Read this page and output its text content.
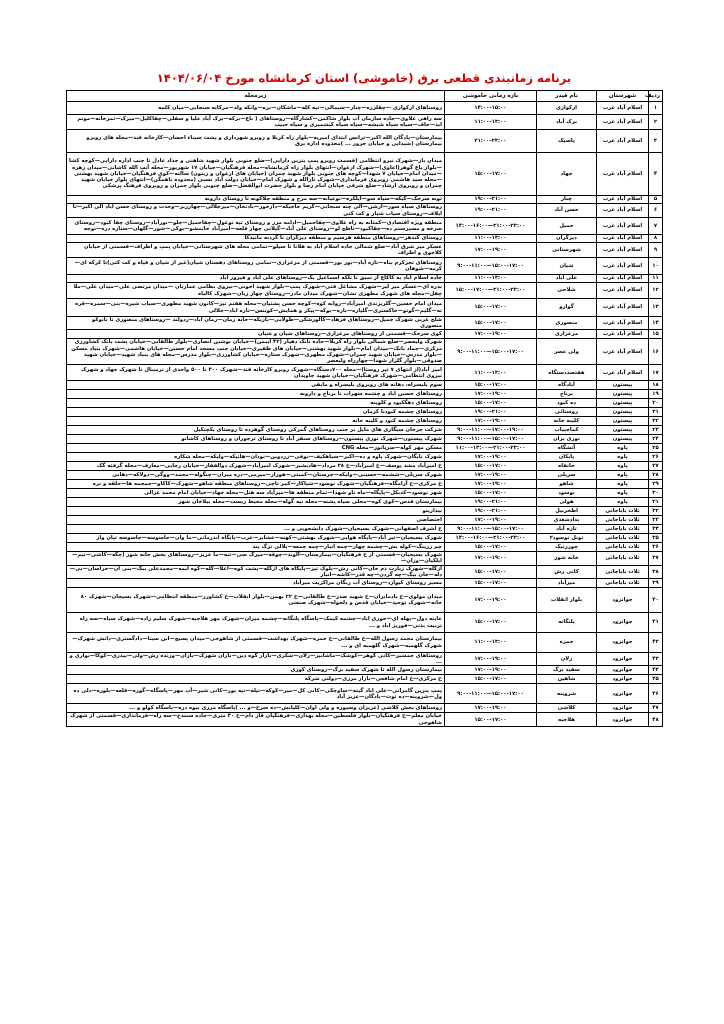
برنامه زمانبندی قطعی برق (خاموشی) استان کرمانشاه مورخ ۱۴۰۴/۰۶/۰۴
ردیف	شهرستان	نام فیدر	بازه زمانی خاموشی	زیرمجله
۱	اسلام آباد غرب	ارکوازی	۱۴:۰۰-۱۵:۰۰	روستاهای ارکوازی —چقلرزه—چنار—سیمالی—تپه کله—ماشکان—بزه—وانکه ولد—مرکانه سنجابی—میان کلمه
۲	اسلام آباد غرب	برک آباد	۱۱:۰۰-۱۳:۰۰	سه راهی علاوی—جاده سازمان آب بلوار شاکمن—کشارگاه—روستاهای ( باغ—برکه—برک آباد علیا و سفلی—چقاکلیل—میرک—ثمرخانه—موتم اید—جاف—سیاه سیاه شیشه—سیاه سیاه کیشمیری و سیاه حبیب
۳	اسلام آباد غرب	یاسیک	۲۱:۰۰-۲۳:۰۰	بیمارستان—پادگان الله اکبر—ترانس ابتدای امیریه—بلوار راه کربلا و روبرو شهرداری و پشت سیناء احسان—کارخانه قند—محله های روبرو بیمارستان (شیدایی و خیابان حرور ... )محدوده اداره برق
۴	اسلام آباد غرب	جهاد	۱۵:۰۰-۱۷:۰۰	میدان باز—شهرک نیرو انتظامی (قسمت روبرو پمپ بنزین دارایی)—ضلع جنوبی بلوار شهید شاهنی و حداد عادل تا جنب اداره دارایی—کوچه کشا—بلوار باغ گوهر(اعاوی)—شهرک ارغوان—انتهای بلوار راه کرمانشاه—محله فرهنگیان—خیابان ۱۷ شهریور—محله آیت الله کاشانی—میدان زهره—میدان امام—خیابان ۷ شهدا—کوچه های جنوبی بلوار شهید چمران (خیابان های ارغوان و زیتون) سالنه—کوی فرهنگیان—خیابان شهید بهشتی—محله سید هاشمی روبروی فرمانداری—شهرک ثارالله و شهرک امام—خیابان دولت آباد نسبی (محدوده ناهمگن)—انتهای بلوار خیابان شهید چمران و روبروی ارشاد—ضلع شرقی خیابان امام رضا و بلوار حضرت ابوالفضل—ضلع جنوبی بلوار جمران و روبروی فرهنگ پرشکی
۵	اسلام آباد غرب	چنار	۱۹:۰۰-۲۱:۰۰	تونه سرخک—گیکه—سیاه سو—ایلکره—نوعیانه—سه مرج و منطقه چلاکونه تا روستای دارونه
۶	اسلام آباد غرب	حسن آباد	۱۹:۰۰-۲۱:۰۰	روستاهای سیاه سور—ارشن—آلی چنه سنجابی—گریم حاجیکه—دارخور—بادنحان—میرجلالی—چهارزبر—وحدت و روستای حسن آباد آلی اکبر—تا ایلاف—روستای سیاب شیار و کت کتی
۷	اسلام آباد غرب	حمیل	۱۴:۰۰-۱۶:۰۰—۲۱:۰۰-۲۳:۰۰	منطقه ویژه اقتصادی—کمتانه به راه علاوی—چقاحمیل—ادامه مرز و روستای تپه نوغول—چقاحمیل—جلو—نورآباد—روستای چقا کبود—روستای سرخه و مسیرستم ده—چقاکبود—ناطح لو—روستای علی آباد—گیلانی چهار قلعه—امیرآباد خاتمشو—بوکی—شور—گلهان—ستاره دره—نوجه
۸	اسلام آباد غرب	دیزگران	۱۱:۰۰-۱۳:۰۰	روستای کندهر—روستاهای منطقه هرسیم و منطقه دیزگران تا گردنه مانیدکا
۹	اسلام آباد غرب	شهرستانی	۱۷:۰۰-۱۹:۰۰	عسکر میر شرق آباد—ضلع شمالی جاده اسلام آباد به هلانا تا سیلو—تمامی محله های شهرستانی—خیابان پمپ و اطراف—قسمتی از خیابان کلاجوی و اطراف
۱۰	اسلام آباد غرب	شیان	۹:۰۰-۱۱:۰۰—۱۵:۰۰-۱۷:۰۰	روستاهای تجرکرم بناه—تازه آباد—بور بور—قسمتی از مرغزاری—تمامی روستاهای دهستان شیان(غیر از شیان و فیاه و کت کتی)تا کرکه ای—کرمه—شوهان
۱۱	اسلام آباد غرب	علی آباد	۱۱:۰۰-۱۳:۰۰	جاده اسلام آباد به کاکاع از تمیق تا تلکه اسماعیل بک—روستاهای علی آباد و فیروز آباد
۱۲	اسلام آباد غرب	شلاحی	۱۵:۰۰-۱۷:۰۰—۲۱:۰۰-۲۳:۰۰	بدره ای—عسکر میر لیر—شهرک مشاغل فنی—شهرک پمپ—بلوار شهید اخونی—نیروی نظامی عمارتان —میدان مرتضی علی—میدان علی—ملا چفل—محله های شهرک مطهری نشان—شهرک میدان مادر—روستای چهار زبان—شهرک کالیاه
۱۳	اسلام آباد غرب	گوارو	۱۵:۰۰-۱۷:۰۰	میدان امام حسین—گلریزندی امیرآباد—روانه کوه—کوچه حسن پشتیان—محله هفتم تیر—کانون شهید مطهری—سیاب شیره—بنی—سمره—قره ته—گلیم—گوتو—خاکستری—گلپاره—بازه—بوکه—پیکر و همایش—کوتنس—تازه اباد—جلالی
۱۴	اسلام آباد غرب	منصوری	۱۵:۰۰-۱۷:۰۰	شلخ غربی شهرک جمیل—روستاهای فرهاد—کالورشکن—طولابی—بازیکه—خانه زمان—زمان اباد—ردولند —روستاهای منصوری تا تانوکو منصوری
۱۵	اسلام آباد غرب	مرغزاری	۱۷:۰۰-۱۹:۰۰	کوی سرخک—قسمتی از روستاهای مرغزاری—روستاهای شیان و شیان
۱۶	اسلام آباد غرب	ولی عصر	۹:۰۰-۱۱:۰۰—۱۵:۰۰-۱۷:۰۰	شهرک ولیعصر—ضلع شمالی بلوار راه کربلا—جاده تانک دهیار (۴۲ ایبمن)—خیابان نوشین انصاری—بلوار طالقانی—خیابان پشت بانک کشاورزی مرکزی—جماد بانک—میدان امام—بلوار شهید بهشتی—خیابان های ظفیری—خیابان جنب مسجد امام حسین—خیابان هاشمی—شهرک بنیاد مسکن—بلوار مدرس—خیابان شهید چمران—شهرک مطهری—شهرک ستاره—خیابان کشاورزی—بلوار مدرس—محله های بنیاد شهید—خیابان شهید صدوقی—بلوار گلزار شهدا—چهارراه ولیعصر
۱۷	اسلام آباد غرب	هفتصددستگاه	۱۱:۰۰-۱۳:۰۰	امیر آباد(از انتهای ۷ تیر روستا)—محله ۷۰۰دستگاه—شهرک روبرو کارخانه قند—شهرک ۴۰۰ تا ۵۰۰ واحدی از ترمینال تا شهرک جهاد و شهرک نیروی انتظامی—شهرک فرهنگیان—خیابان شهید جاویدان
۱۸	پیستون	آبادگاه	۱۵:۰۰-۱۷:۰۰	سوم بلیسراه، دهانه های روبروی بلیسراه و مابقی
۱۹	پیستون	برناج	۱۷:۰۰-۱۹:۰۰	روستاهای حسین اباد و چشمه سهراب تا برناج و دارونه
۲۰	پیستون	ده کبود	۱۵:۰۰-۱۷:۰۰	روستاهای دهگکبود و کلوینه
۲۱	پیستون	روستائی	۱۹:۰۰-۲۱:۰۰	روستاهای چشمه کبودنا کرمان
۲۲	پیستون	کلیبه خانه	۱۷:۰۰-۱۹:۰۰	روستاهای چشمه کبود و کلیبه خانه
۲۳	پیستون	کماجبیاب	۹:۰۰-۱۱:۰۰—۱۷:۰۰-۱۹:۰۰	شرکت جرخان سیگاری های مایل بر جنب روستاهای گمرکی روستای گوهرده تا روستای بکچنکیل
۲۴	پیستون	نوزی بران	۹:۰۰-۱۱:۰۰—۱۵:۰۰-۱۷:۰۰	شهرک پیستون—شهرک نوری پیستون—روستاهای سنقر آباد تا روستای ترجوران و روستاهای کاشانو
۲۵	پاوه	آتشگاه	۱۱:۰۰-۱۳:۰۰—۲۱:۰۰-۲۳:۰۰	مسکن مهر کوله—سرپانور—محله CNG
۲۶	پاوه	پایکان	۱۷:۰۰-۱۹:۰۰	شهرک بایگان—شهرک پاوه و ده—اکبر—سیاهکیف—نوفی—زردوین—نودان—هانیکه—ولیکه—محله شکاره
۲۷	پاوه	خانقاه	۱۵:۰۰-۱۷:۰۰	خ امیرآباد مشد یوسف—خ امیرآباد—خ ۲۸ مرداد—هادیشیر—شهرک امیرآباد—شهرک ذوالفقار—خیابان رجایی—معارف—محله گرفته گک
۲۸	پاوه	سرپلی	۱۷:۰۰-۱۹:۰۰	شهرک سرپلی—ششمه—حسینی—ولیکه—جرستان—کمیتی—هوراز—میرمی—دره میران—چنگوله—محمد—ووگی—دولاکه—دهانی
۲۹	پاوه	شاهو	۱۷:۰۰-۱۹:۰۰	خ مرکزی—خ آرامگاه—فرهنگیان—شهرک نوسود—شیاکار—کمر تاچی—روستاهای منطقه شاهو—شهرک—کاکاو—جمجمه ها—حلقه و نره
۳۰	پاوه	نوسود	۱۵:۰۰-۱۷:۰۰	شهر نوسود—کدبکل—پایگاه—ماه ناو شهدا—تمام منطقه ها—میرآباد سه هتل—محله جهاد—خیابان امام محمد غزالی
۳۱	پاوه	هولی	۱۹:۰۰-۲۱:۰۰	بیمارستان قدس—کوی کوه—محلی سیاه پشته—محله تپه گوله—محله محیط زیست—محله بیلاخان شهر
۳۲	ثلاث باباجانی	اطخربیل	۱۹:۰۰-۲۱:۰۰	بیدارینو
۳۳	ثلاث باباجانی	بدادشغدی	۱۷:۰۰-۱۹:۰۰	اختصاصی
۳۴	ثلاث باباجانی	تازه آباد	۹:۰۰-۱۱:۰۰—۱۵:۰۰-۱۷:۰۰	خ اشرف اصفهانی—شهرک بسیجیان—شهرک دانشجویی و ...
۳۵	ثلاث باباجانی	تونل نوسود۲	۱۴:۰۰-۱۶:۰۰—۲۱:۰۰-۲۳:۰۰	شهرک بسیجیان—تیر آباد—پایگاه هوایی—شهرک بهشتی—کهنه—عشایر—غرب—پایگاه اندرمانی—ما وان—جاسوسه—جاسوسه تپان وار
۳۶	ثلاث باباجانی	چوزرنیک	۱۵:۰۰-۱۷:۰۰	چم زرینگ—کوله بش—چشمه چهار—چمه انبار—چمه جمعه—بلالی ترگ بند
۳۷	ثلاث باباجانی	خانه شور	۱۷:۰۰-۱۹:۰۰	شهرک بسیجیان—قسمتی از خ فرهنگیان—بیمارستان—آلوند—چوقه—میرگ سی—تنه—ما عزیز—روستاهای بخش خانه شور (جگه—کاشی—نیم—ایلکیان—وزان—
۳۸	ثلاث باباجانی	کانی رش	۱۵:۰۰-۱۷:۰۰	ازگله—شهرک زیارت ذم خان—کانی رش—بلوک تیز—پایگاه های ازگله—پشت کوه—اعلا—گله—کوه ایمه—محمدعلی بیگ—بنی آن—خراسان—بی—دله—خان بیگ—چه گردن—چه قدر—کاشه—انبار
۳۹	ثلاث باباجانی	میرآباد	۱۵:۰۰-۱۷:۰۰	مسیر روستای کیوارد—روستای آب زنگان مراکزیت میرآباد
۴۰	جوانرود	بلوار انقلاب	۱۷:۰۰-۱۹:۰۰	میدان مولوی—خ یادمانزان—خ شهید صدر—خ طالقانی—خ ۲۲ بهمن—بلوار انقلاب—خ کشاورز—منطقه انتظامی—شهرک بسیجان—شهرک ۸۰ خانه—شهرک توحید—خیابان قدس و دلخواه—شهرک صنعتی
۴۱	جوانرود	پلنگانه	۱۵:۰۰-۱۷:۰۰	عاینه دول—بهله ای—حوری اباد—چشمه کیمک—پاسگاه پلنگانه—چشمه میران—شهرک مهر هلاجیه—شهرک سلیم زاده—شهرک سیاه—سه راه تربیت بدنی—فوریژ اباد و ...
۴۲	جوانرود	حمزه	۱۱:۰۰-۱۳:۰۰	بیمارستان محمد رسول الله—خ طالقانی—خ حمزه—شهرک بهداشت—قسمتی از شاهوجی—میدان پسیج—ابن سینا—دادگستری—دانش شهرک—شهرک گلهمبه—شهرک گلهمبه ای و ...
۴۳	جوانرود	زلان	۱۷:۰۰-۱۹:۰۰	روستاهای جمشیر—کانی گوهر—کوشک—ماشانیر—زلان—شکری—بازار گوه دین—بازان شهرک—بازان—ورنده رش—ولی—بیدری—کوکا—نواری و ...
۴۴	جوانرود	سفید برگ	۱۷:۰۰-۱۹:۰۰	بیمارستان رسول الله تا شهرک سفید برگ—روستای کوری
۴۵	جوانرود	شاهین	۱۵:۰۰-۱۷:۰۰	خ مرکزی—خ امام شافعی—بازار مرزی—دولتی شرکه
۴۶	جوانرود	شروینه	۹:۰۰-۱۱:۰۰—۱۵:۰۰-۱۷:۰۰	پمپ بنزین گامرانی—علی اباد گیته—ساوجکی—کانی کل—میر—کوکه—تیله—تپه بور—کانی شیر—آب مهر—پاسگاه—گوره—قلعه—بلوره—دلی ده ول—شروینه—ده توت—بادگان—عزیز آباد
۴۷	جوانرود	کلاشی	۱۷:۰۰-۱۹:۰۰	روستاهای بخش کلاشی (عزیزان وسیوره و ولی اوان—کلپانش—ده سرخ—و ... )پاسگاه مرزی بیوه دره—پاسگاه کولو و ...
۴۸	جوانرود	هلاجیه	۱۵:۰۰-۱۷:۰۰	خیابان معلم—خ فرهنگیان—بلوار فلسطین—محله بهداری—فرهنگیان قاز دام—خ ۴۰ متری—جاده سنندج—سه راه—فرمانداری—قسمتی از شهرک شاهوجی
